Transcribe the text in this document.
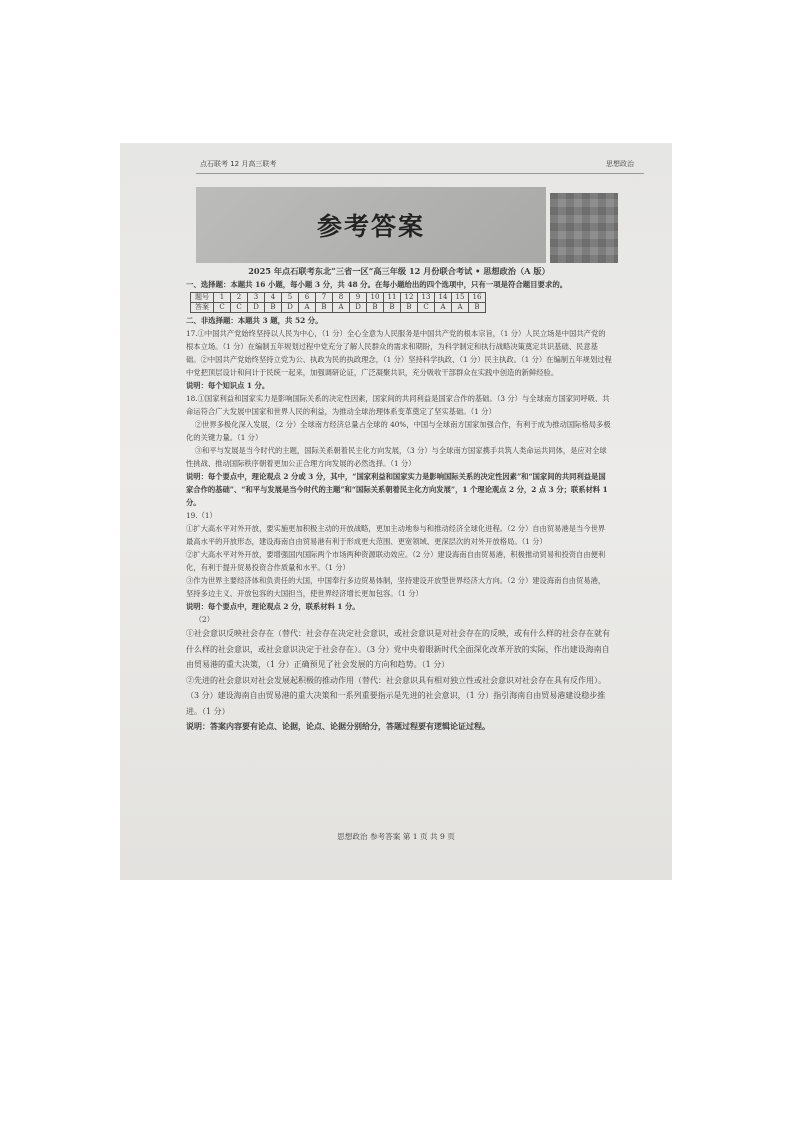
点石联考 12 月高三联考	思想政治
参考答案
2025 年点石联考东北“三省一区”高三年级 12 月份联合考试 • 思想政治（A 版）
一、选择题：本题共 16 小题，每小题 3 分，共 48 分。在每小题给出的四个选项中，只有一项是符合题目要求的。
题号	1	2	3	4	5	6	7	8	9	10	11	12	13	14	15	16
答案	C	C	D	B	D	A	B	A	D	B	B	B	C	A	A	B
二、非选择题：本题共 3 题，共 52 分。

17.①中国共产党始终坚持以人民为中心，（1 分）全心全意为人民服务是中国共产党的根本宗旨，（1 分）人民立场是中国共产党的根本立场。（1 分）在编制五年规划过程中党充分了解人民群众的需求和期盼，为科学制定和执行战略决策奠定共识基础、民意基础。②中国共产党始终坚持立党为公、执政为民的执政理念，（1 分）坚持科学执政、（1 分）民主执政。（1 分）在编制五年规划过程中党把顶层设计和问计于民统一起来，加强调研论证，广泛凝聚共识，充分吸收干部群众在实践中创造的新鲜经验。

说明：每个知识点 1 分。

18.①国家利益和国家实力是影响国际关系的决定性因素，国家间的共同利益是国家合作的基础。（3 分）与全球南方国家同呼吸、共命运符合广大发展中国家和世界人民的利益，为推动全球治理体系变革奠定了坚实基础。（1 分）

②世界多极化深入发展，（2 分）全球南方经济总量占全球的 40%，中国与全球南方国家加强合作，有利于成为推动国际格局多极化的关键力量。（1 分）

③和平与发展是当今时代的主题，国际关系朝着民主化方向发展，（3 分）与全球南方国家携手共筑人类命运共同体，是应对全球性挑战、推动国际秩序朝着更加公正合理方向发展的必然选择。（1 分）

说明：每个要点中，理论观点 2 分或 3 分，其中，“国家利益和国家实力是影响国际关系的决定性因素”和“国家间的共同利益是国家合作的基础”、“和平与发展是当今时代的主题”和“国际关系朝着民主化方向发展”，1 个理论观点 2 分，2 点 3 分；联系材料 1 分。

19.（1）

①扩大高水平对外开放，要实施更加积极主动的开放战略，更加主动地参与和推动经济全球化进程。（2 分）自由贸易港是当今世界最高水平的开放形态，建设海南自由贸易港有利于形成更大范围、更宽领域、更深层次的对外开放格局。（1 分）

②扩大高水平对外开放，要增强国内国际两个市场两种资源联动效应。（2 分）建设海南自由贸易港，积极推动贸易和投资自由便利化，有利于提升贸易投资合作质量和水平。（1 分）

③作为世界主要经济体和负责任的大国，中国奉行多边贸易体制，坚持建设开放型世界经济大方向。（2 分）建设海南自由贸易港，坚持多边主义、开放包容的大国担当，使世界经济增长更加包容。（1 分）

说明：每个要点中，理论观点 2 分，联系材料 1 分。

（2）

①社会意识反映社会存在（替代：社会存在决定社会意识，或社会意识是对社会存在的反映，或有什么样的社会存在就有什么样的社会意识，或社会意识决定于社会存在）。（3 分）党中央着眼新时代全面深化改革开放的实际，作出建设海南自由贸易港的重大决策，（1 分）正确预见了社会发展的方向和趋势。（1 分）

②先进的社会意识对社会发展起积极的推动作用（替代：社会意识具有相对独立性或社会意识对社会存在具有反作用）。（3 分）建设海南自由贸易港的重大决策和一系列重要指示是先进的社会意识，（1 分）指引海南自由贸易港建设稳步推进。（1 分）

说明：答案内容要有论点、论据，论点、论据分别给分，答题过程要有逻辑论证过程。

思想政治 参考答案 第 1 页 共 9 页
